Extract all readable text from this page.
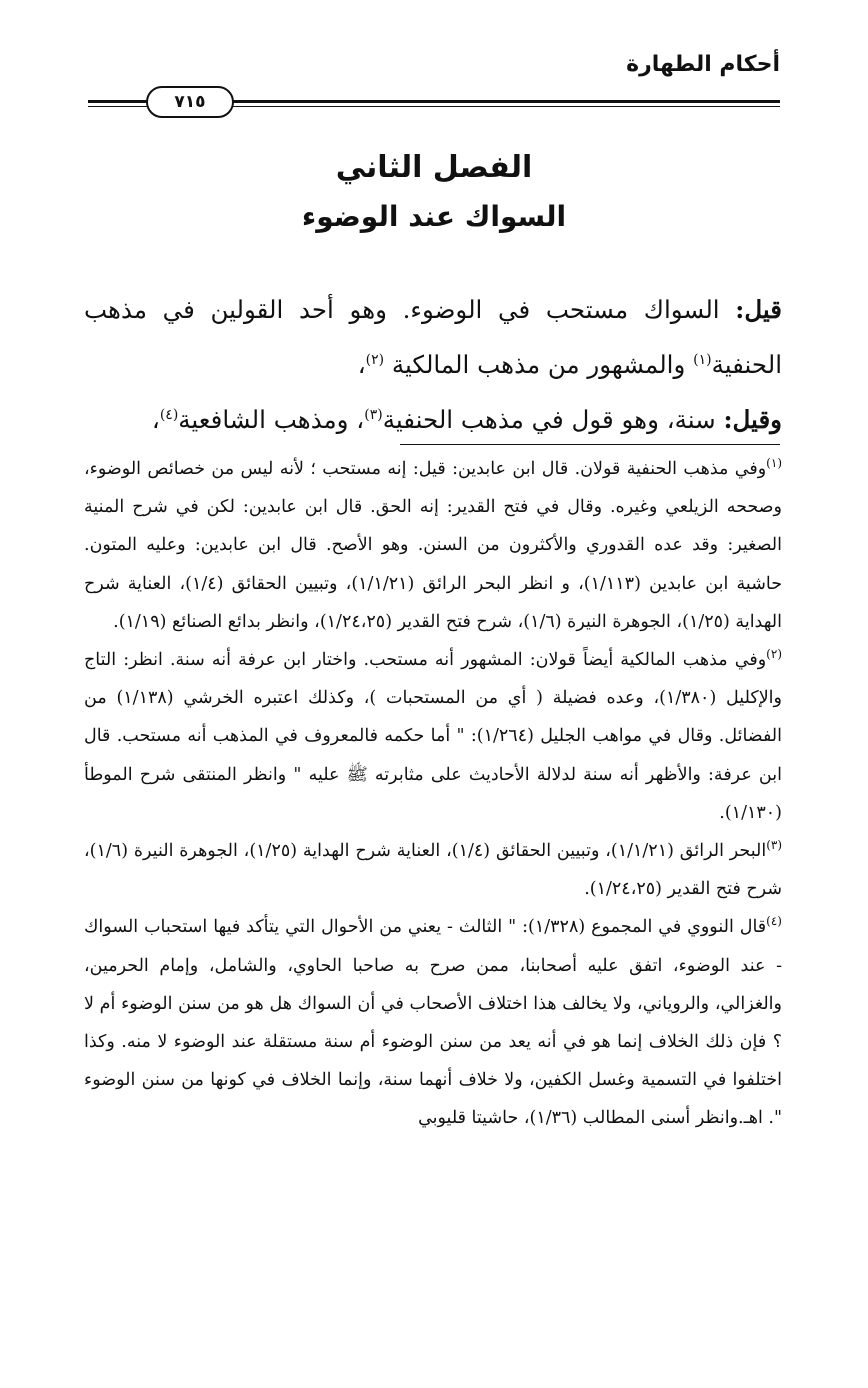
أحكام الطهارة
٧١٥
الفصل الثاني
السواك عند الوضوء

قيل: السواك مستحب في الوضوء. وهو أحد القولين في مذهب الحنفية$^{(١)}$ والمشهور من مذهب المالكية $^{(٢)}$،

وقيل: سنة، وهو قول في مذهب الحنفية$^{(٣)}$، ومذهب الشافعية$^{(٤)}$،

$^{(١)}$وفي مذهب الحنفية قولان. قال ابن عابدين: قيل: إنه مستحب ؛ لأنه ليس من خصائص الوضوء، وصححه الزيلعي وغيره. وقال في فتح القدير: إنه الحق. قال ابن عابدين: لكن في شرح المنية الصغير: وقد عده القدوري والأكثرون من السنن. وهو الأصح. قال ابن عابدين: وعليه المتون. حاشية ابن عابدين (١/١١٣)، و انظر البحر الرائق (١/١/٢١)، وتبيين الحقائق (١/٤)، العناية شرح الهداية (١/٢٥)، الجوهرة النيرة (١/٦)، شرح فتح القدير (١/٢٤،٢٥)، وانظر بدائع الصنائع (١/١٩).

$^{(٢)}$وفي مذهب المالكية أيضاً قولان: المشهور أنه مستحب. واختار ابن عرفة أنه سنة. انظر: التاج والإكليل (١/٣٨٠)، وعده فضيلة ( أي من المستحبات )، وكذلك اعتبره الخرشي (١/١٣٨) من الفضائل. وقال في مواهب الجليل (١/٢٦٤): " أما حكمه فالمعروف في المذهب أنه مستحب. قال ابن عرفة: والأظهر أنه سنة لدلالة الأحاديث على مثابرته ﷺ عليه " وانظر المنتقى شرح الموطأ (١/١٣٠).

$^{(٣)}$البحر الرائق (١/١/٢١)، وتبيين الحقائق (١/٤)، العناية شرح الهداية (١/٢٥)، الجوهرة النيرة (١/٦)، شرح فتح القدير (١/٢٤،٢٥).

$^{(٤)}$قال النووي في المجموع (١/٣٢٨): " الثالث - يعني من الأحوال التي يتأكد فيها استحباب السواك - عند الوضوء، اتفق عليه أصحابنا، ممن صرح به صاحبا الحاوي، والشامل، وإمام الحرمين، والغزالي، والروياني، ولا يخالف هذا اختلاف الأصحاب في أن السواك هل هو من سنن الوضوء أم لا ؟ فإن ذلك الخلاف إنما هو في أنه يعد من سنن الوضوء أم سنة مستقلة عند الوضوء لا منه. وكذا اختلفوا في التسمية وغسل الكفين، ولا خلاف أنهما سنة، وإنما الخلاف في كونها من سنن الوضوء ". اهـ.وانظر أسنى المطالب (١/٣٦)، حاشيتا قليوبي
